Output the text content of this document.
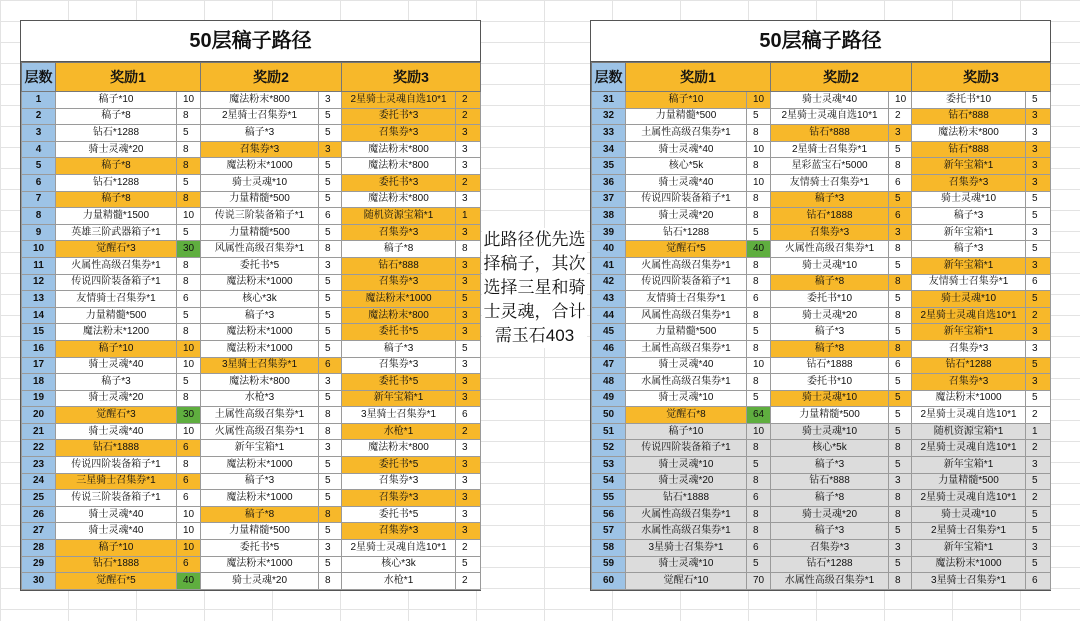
50层稿子路径
层数	奖励1		奖励2		奖励3	
1	稿子*10	10	魔法粉末*800	3	2星骑士灵魂自选10*1	2
2	稿子*8	8	2星骑士召集券*1	5	委托书*3	2
3	钻石*1288	5	稿子*3	5	召集券*3	3
4	骑士灵魂*20	8	召集券*3	3	魔法粉末*800	3
5	稿子*8	8	魔法粉末*1000	5	魔法粉末*800	3
6	钻石*1288	5	骑士灵魂*10	5	委托书*3	2
7	稿子*8	8	力量精髓*500	5	魔法粉末*800	3
8	力量精髓*1500	10	传说三阶装备箱子*1	6	随机资源宝箱*1	1
9	英雄三阶武器箱子*1	5	力量精髓*500	5	召集券*3	3
10	觉醒石*3	30	风属性高级召集券*1	8	稿子*8	8
11	火属性高级召集券*1	8	委托书*5	3	钻石*888	3
12	传说四阶装备箱子*1	8	魔法粉末*1000	5	召集券*3	3
13	友情骑士召集券*1	6	核心*3k	5	魔法粉末*1000	5
14	力量精髓*500	5	稿子*3	5	魔法粉末*800	3
15	魔法粉末*1200	8	魔法粉末*1000	5	委托书*5	3
16	稿子*10	10	魔法粉末*1000	5	稿子*3	5
17	骑士灵魂*40	10	3星骑士召集券*1	6	召集券*3	3
18	稿子*3	5	魔法粉末*800	3	委托书*5	3
19	骑士灵魂*20	8	水枪*3	5	新年宝箱*1	3
20	觉醒石*3	30	土属性高级召集券*1	8	3星骑士召集券*1	6
21	骑士灵魂*40	10	火属性高级召集券*1	8	水枪*1	2
22	钻石*1888	6	新年宝箱*1	3	魔法粉末*800	3
23	传说四阶装备箱子*1	8	魔法粉末*1000	5	委托书*5	3
24	三星骑士召集券*1	6	稿子*3	5	召集券*3	3
25	传说三阶装备箱子*1	6	魔法粉末*1000	5	召集券*3	3
26	骑士灵魂*40	10	稿子*8	8	委托书*5	3
27	骑士灵魂*40	10	力量精髓*500	5	召集券*3	3
28	稿子*10	10	委托书*5	3	2星骑士灵魂自选10*1	2
29	钻石*1888	6	魔法粉末*1000	5	核心*3k	5
30	觉醒石*5	40	骑士灵魂*20	8	水枪*1	2
此路径优先选择稿子，其次选择三星和骑士灵魂，合计需玉石403
50层稿子路径
层数	奖励1		奖励2		奖励3	
31	稿子*10	10	骑士灵魂*40	10	委托书*10	5
32	力量精髓*500	5	2星骑士灵魂自选10*1	2	钻石*888	3
33	土属性高级召集券*1	8	钻石*888	3	魔法粉末*800	3
34	骑士灵魂*40	10	2星骑士召集券*1	5	钻石*888	3
35	核心*5k	8	星彩蓝宝石*5000	8	新年宝箱*1	3
36	骑士灵魂*40	10	友情骑士召集券*1	6	召集券*3	3
37	传说四阶装备箱子*1	8	稿子*3	5	骑士灵魂*10	5
38	骑士灵魂*20	8	钻石*1888	6	稿子*3	5
39	钻石*1288	5	召集券*3	3	新年宝箱*1	3
40	觉醒石*5	40	火属性高级召集券*1	8	稿子*3	5
41	火属性高级召集券*1	8	骑士灵魂*10	5	新年宝箱*1	3
42	传说四阶装备箱子*1	8	稿子*8	8	友情骑士召集券*1	6
43	友情骑士召集券*1	6	委托书*10	5	骑士灵魂*10	5
44	风属性高级召集券*1	8	骑士灵魂*20	8	2星骑士灵魂自选10*1	2
45	力量精髓*500	5	稿子*3	5	新年宝箱*1	3
46	土属性高级召集券*1	8	稿子*8	8	召集券*3	3
47	骑士灵魂*40	10	钻石*1888	6	钻石*1288	5
48	水属性高级召集券*1	8	委托书*10	5	召集券*3	3
49	骑士灵魂*10	5	骑士灵魂*10	5	魔法粉末*1000	5
50	觉醒石*8	64	力量精髓*500	5	2星骑士灵魂自选10*1	2
51	稿子*10	10	骑士灵魂*10	5	随机资源宝箱*1	1
52	传说四阶装备箱子*1	8	核心*5k	8	2星骑士灵魂自选10*1	2
53	骑士灵魂*10	5	稿子*3	5	新年宝箱*1	3
54	骑士灵魂*20	8	钻石*888	3	力量精髓*500	5
55	钻石*1888	6	稿子*8	8	2星骑士灵魂自选10*1	2
56	火属性高级召集券*1	8	骑士灵魂*20	8	骑士灵魂*10	5
57	水属性高级召集券*1	8	稿子*3	5	2星骑士召集券*1	5
58	3星骑士召集券*1	6	召集券*3	3	新年宝箱*1	3
59	骑士灵魂*10	5	钻石*1288	5	魔法粉末*1000	5
60	觉醒石*10	70	水属性高级召集券*1	8	3星骑士召集券*1	6
